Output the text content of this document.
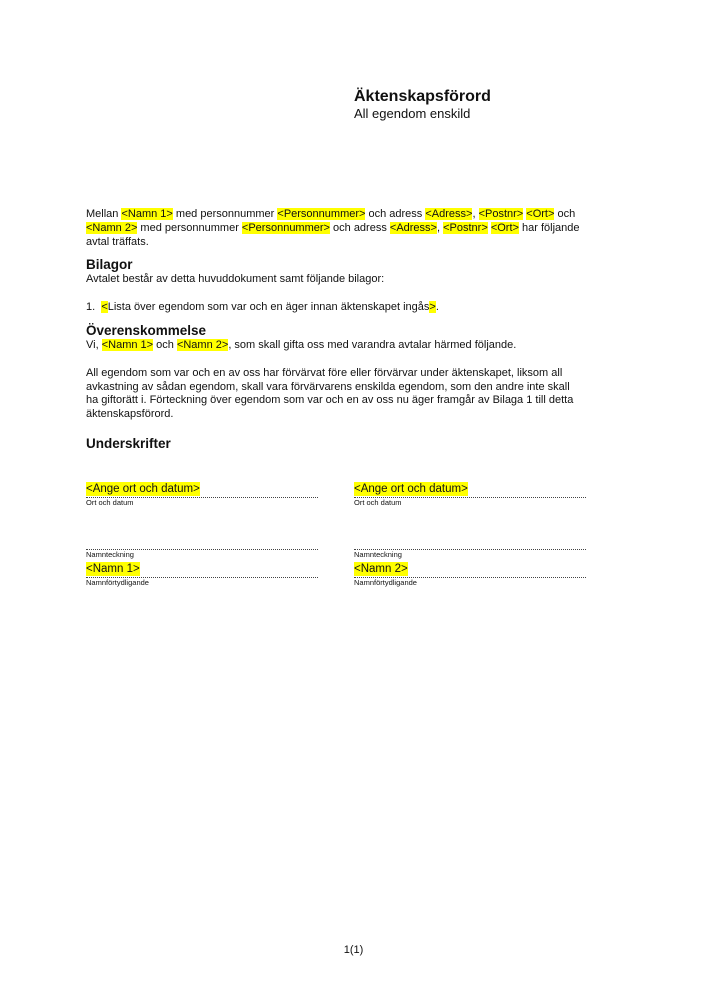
Äktenskapsförord
All egendom enskild
Mellan <Namn 1> med personnummer <Personnummer> och adress <Adress>, <Postnr> <Ort> och
<Namn 2> med personnummer <Personnummer> och adress <Adress>, <Postnr> <Ort> har följande
avtal träffats.
Bilagor
Avtalet består av detta huvuddokument samt följande bilagor:
1. <Lista över egendom som var och en äger innan äktenskapet ingås>.
Överenskommelse
Vi, <Namn 1> och <Namn 2>, som skall gifta oss med varandra avtalar härmed följande.
All egendom som var och en av oss har förvärvat före eller förvärvar under äktenskapet, liksom all
avkastning av sådan egendom, skall vara förvärvarens enskilda egendom, som den andre inte skall
ha giftorätt i. Förteckning över egendom som var och en av oss nu äger framgår av Bilaga 1 till detta
äktenskapsförord.
Underskrifter
<Ange ort och datum>
Ort och datum
Namnteckning
<Namn 1>
Namnförtydligande
<Ange ort och datum>
Ort och datum
Namnteckning
<Namn 2>
Namnförtydligande
1(1)
